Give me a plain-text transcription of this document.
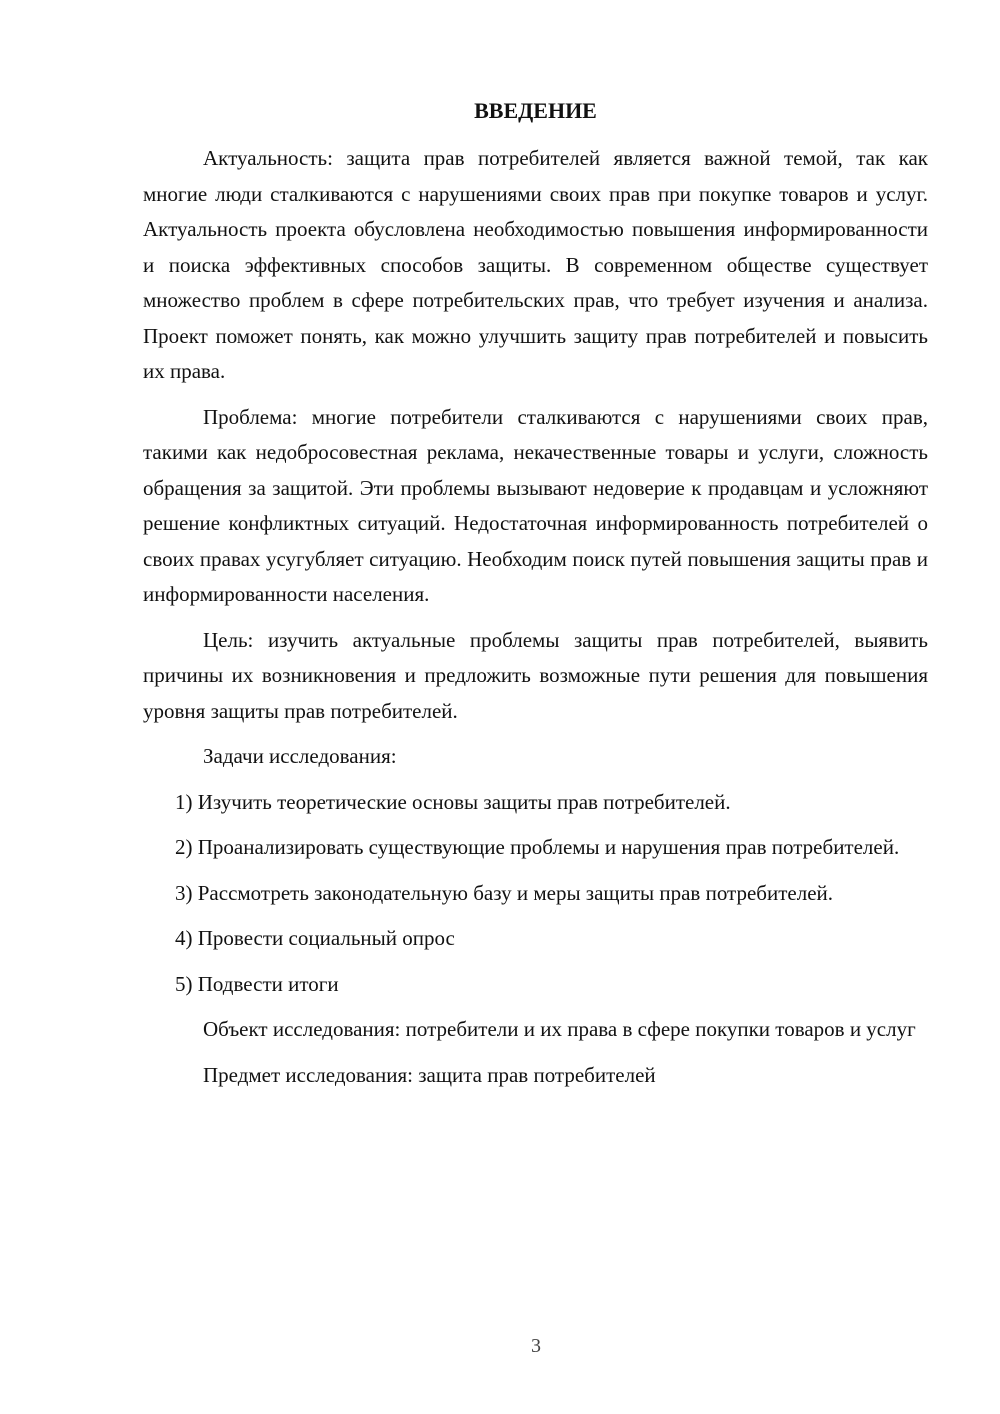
ВВЕДЕНИЕ

Актуальность: защита прав потребителей является важной темой, так как многие люди сталкиваются с нарушениями своих прав при покупке товаров и услуг. Актуальность проекта обусловлена необходимостью повышения информированности и поиска эффективных способов защиты. В современном обществе существует множество проблем в сфере потребительских прав, что требует изучения и анализа. Проект поможет понять, как можно улучшить защиту прав потребителей и повысить их права.

Проблема: многие потребители сталкиваются с нарушениями своих прав, такими как недобросовестная реклама, некачественные товары и услуги, сложность обращения за защитой. Эти проблемы вызывают недоверие к продавцам и усложняют решение конфликтных ситуаций. Недостаточная информированность потребителей о своих правах усугубляет ситуацию. Необходим поиск путей повышения защиты прав и информированности населения.

Цель: изучить актуальные проблемы защиты прав потребителей, выявить причины их возникновения и предложить возможные пути решения для повышения уровня защиты прав потребителей.

Задачи исследования:

1) Изучить теоретические основы защиты прав потребителей.

2) Проанализировать существующие проблемы и нарушения прав потребителей.

3) Рассмотреть законодательную базу и меры защиты прав потребителей.

4) Провести социальный опрос

5) Подвести итоги

Объект исследования: потребители и их права в сфере покупки товаров и услуг

Предмет исследования: защита прав потребителей

3
